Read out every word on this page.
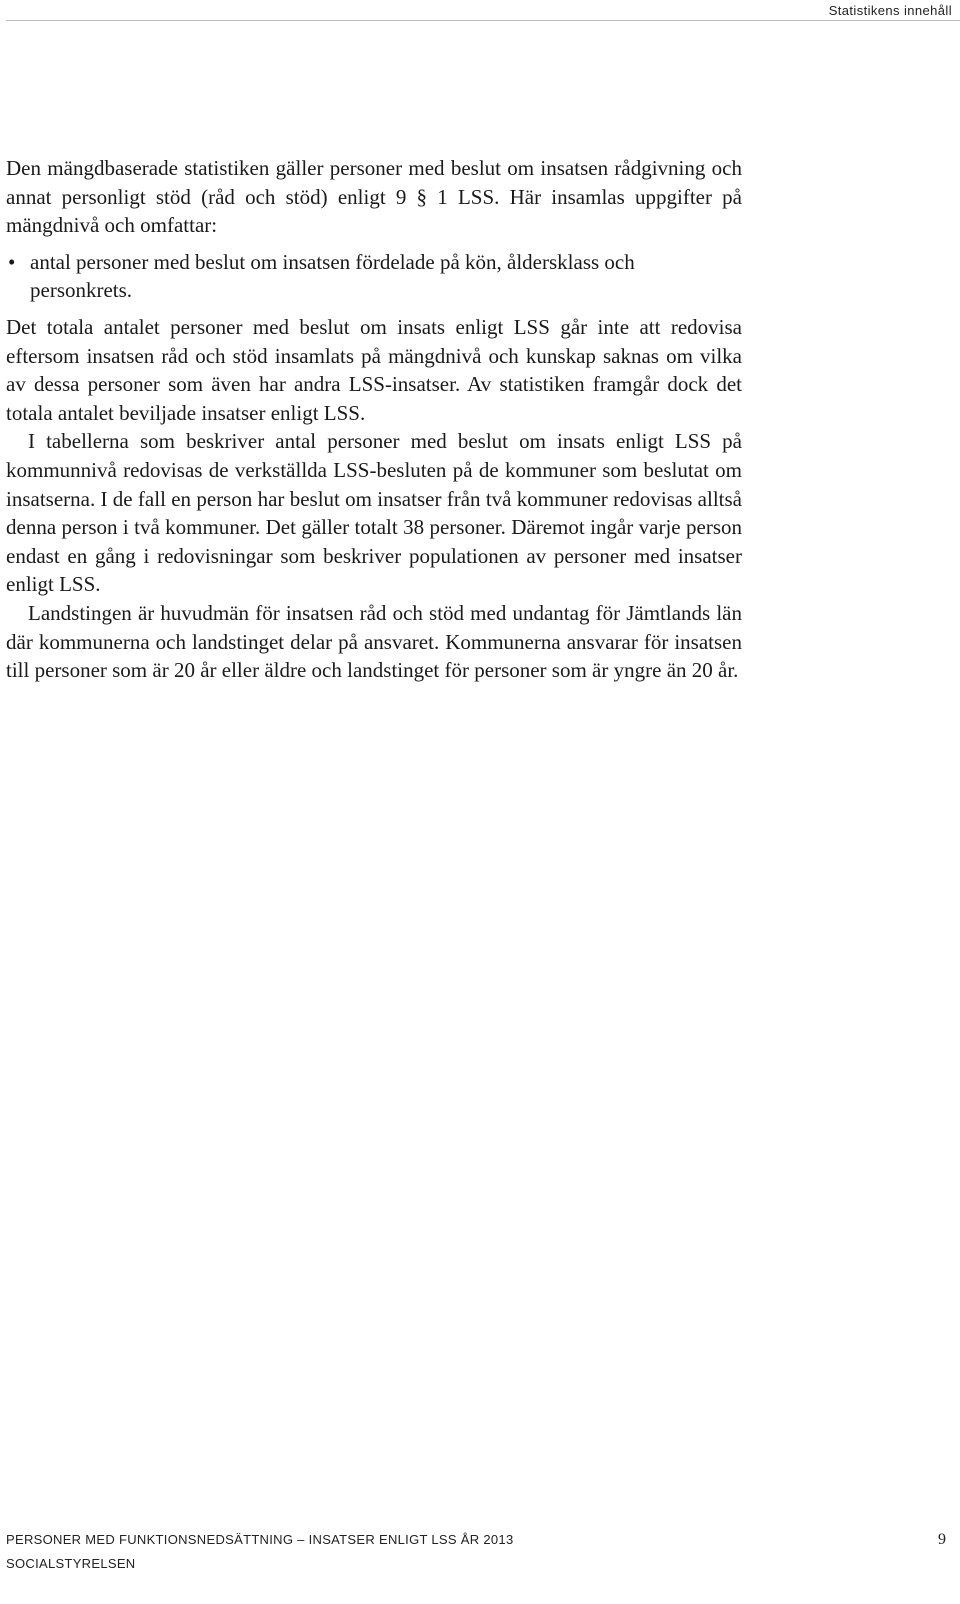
Statistikens innehåll

Den mängdbaserade statistiken gäller personer med beslut om insatsen rådgivning och annat personligt stöd (råd och stöd) enligt 9 § 1 LSS. Här insamlas uppgifter på mängdnivå och omfattar:

• antal personer med beslut om insatsen fördelade på kön, åldersklass och personkrets.

Det totala antalet personer med beslut om insats enligt LSS går inte att redovisa eftersom insatsen råd och stöd insamlats på mängdnivå och kunskap saknas om vilka av dessa personer som även har andra LSS-insatser. Av statistiken framgår dock det totala antalet beviljade insatser enligt LSS.

I tabellerna som beskriver antal personer med beslut om insats enligt LSS på kommunnivå redovisas de verkställda LSS-besluten på de kommuner som beslutat om insatserna. I de fall en person har beslut om insatser från två kommuner redovisas alltså denna person i två kommuner. Det gäller totalt 38 personer. Däremot ingår varje person endast en gång i redovisningar som beskriver populationen av personer med insatser enligt LSS.

Landstingen är huvudmän för insatsen råd och stöd med undantag för Jämtlands län där kommunerna och landstinget delar på ansvaret. Kommunerna ansvarar för insatsen till personer som är 20 år eller äldre och landstinget för personer som är yngre än 20 år.

PERSONER MED FUNKTIONSNEDSÄTTNING – INSATSER ENLIGT LSS ÅR 2013	9
SOCIALSTYRELSEN
